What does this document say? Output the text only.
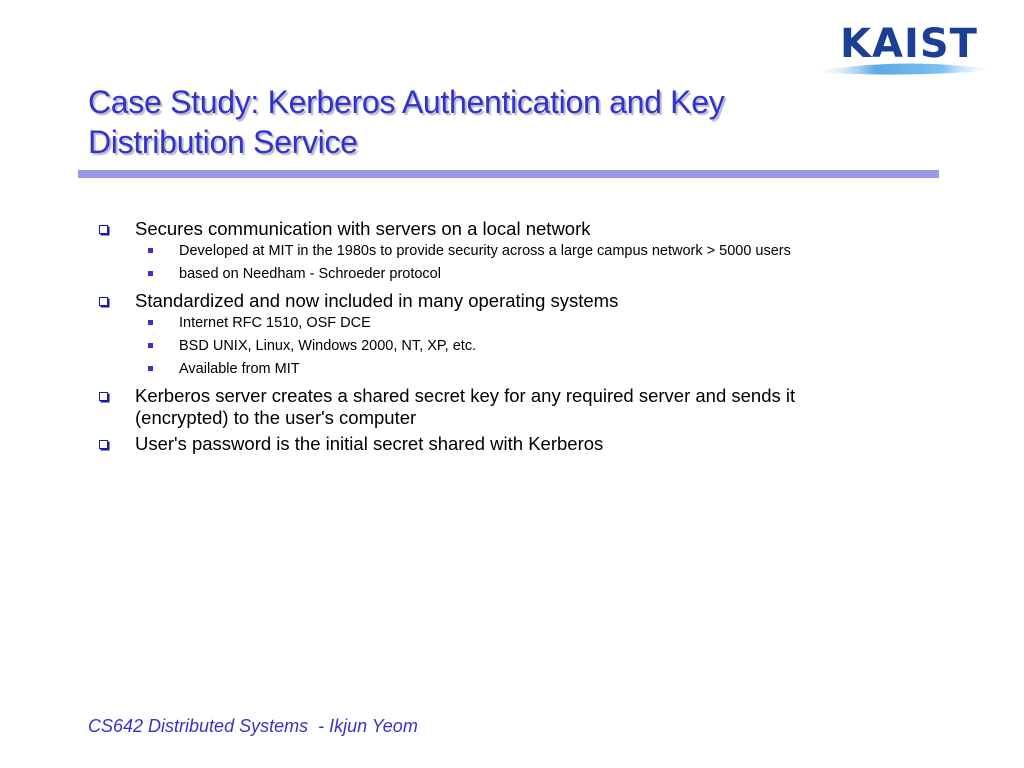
KAIST
Case Study: Kerberos Authentication and Key
Distribution Service
Secures communication with servers on a local network
Developed at MIT in the 1980s to provide security across a large campus network > 5000 users
based on Needham - Schroeder protocol
Standardized and now included in many operating systems
Internet RFC 1510, OSF DCE
BSD UNIX, Linux, Windows 2000, NT, XP, etc.
Available from MIT
Kerberos server creates a shared secret key for any required server and sends it
(encrypted) to the user's computer
User's password is the initial secret shared with Kerberos
CS642 Distributed Systems  - Ikjun Yeom
